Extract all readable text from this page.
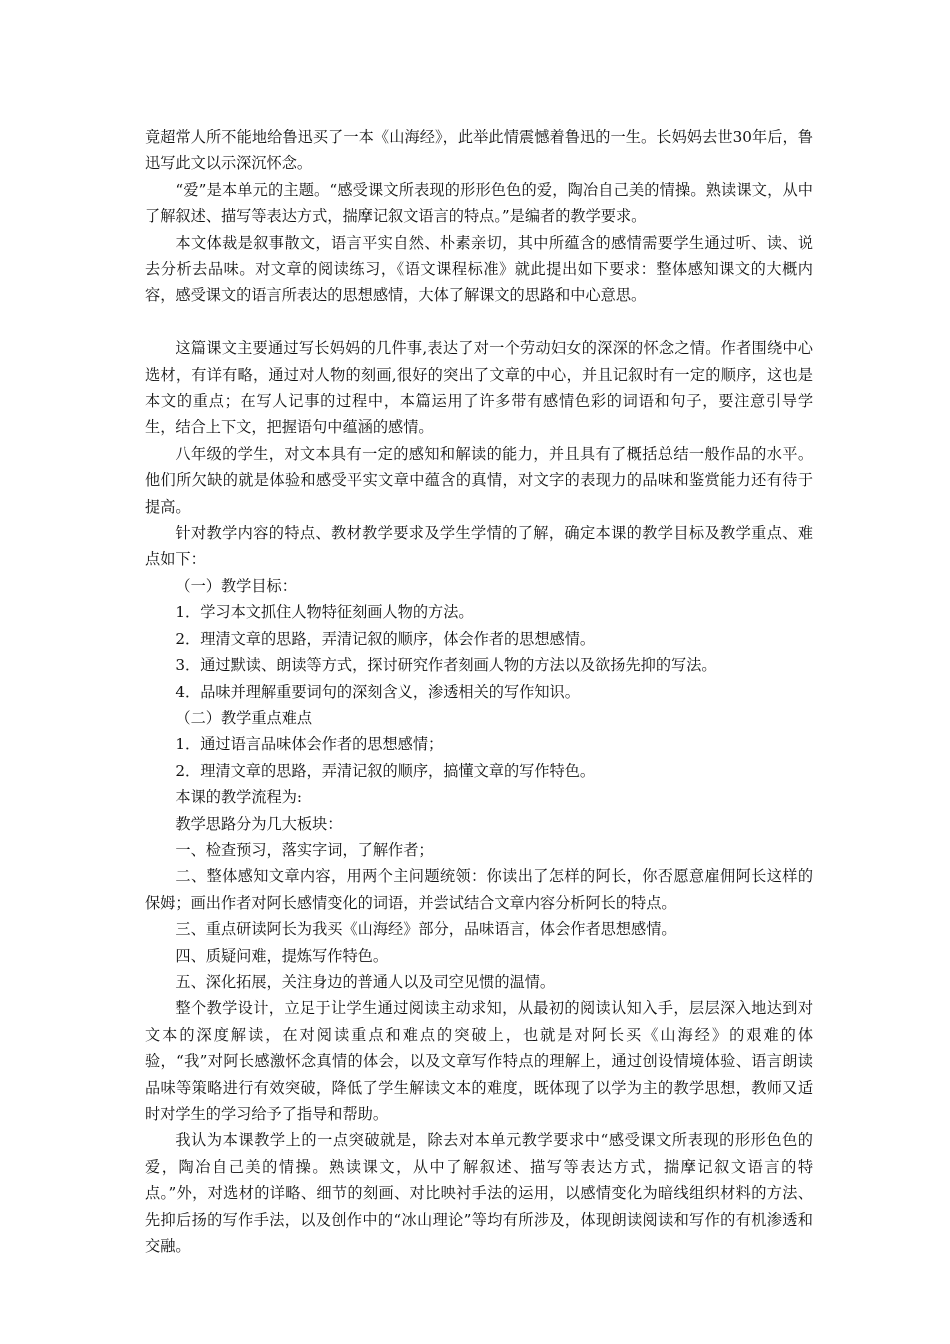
竟超常人所不能地给鲁迅买了一本《山海经》，此举此情震憾着鲁迅的一生。长妈妈去世30年后，鲁迅写此文以示深沉怀念。

“爱”是本单元的主题。“感受课文所表现的形形色色的爱，陶冶自己美的情操。熟读课文，从中了解叙述、描写等表达方式，揣摩记叙文语言的特点。”是编者的教学要求。

本文体裁是叙事散文，语言平实自然、朴素亲切，其中所蕴含的感情需要学生通过听、读、说去分析去品味。对文章的阅读练习，《语文课程标准》就此提出如下要求：整体感知课文的大概内容，感受课文的语言所表达的思想感情，大体了解课文的思路和中心意思。

这篇课文主要通过写长妈妈的几件事,表达了对一个劳动妇女的深深的怀念之情。作者围绕中心选材，有详有略，通过对人物的刻画,很好的突出了文章的中心，并且记叙时有一定的顺序，这也是本文的重点；在写人记事的过程中，本篇运用了许多带有感情色彩的词语和句子，要注意引导学生，结合上下文，把握语句中蕴涵的感情。

八年级的学生，对文本具有一定的感知和解读的能力，并且具有了概括总结一般作品的水平。他们所欠缺的就是体验和感受平实文章中蕴含的真情，对文字的表现力的品味和鉴赏能力还有待于提高。

针对教学内容的特点、教材教学要求及学生学情的了解，确定本课的教学目标及教学重点、难点如下：

（一）教学目标：

1．学习本文抓住人物特征刻画人物的方法。

2．理清文章的思路，弄清记叙的顺序，体会作者的思想感情。

3．通过默读、朗读等方式，探讨研究作者刻画人物的方法以及欲扬先抑的写法。

4．品味并理解重要词句的深刻含义，渗透相关的写作知识。

（二）教学重点难点

1．通过语言品味体会作者的思想感情；

2．理清文章的思路，弄清记叙的顺序，搞懂文章的写作特色。

本课的教学流程为:

教学思路分为几大板块：

一、检查预习，落实字词，了解作者；

二、整体感知文章内容，用两个主问题统领：你读出了怎样的阿长，你否愿意雇佣阿长这样的保姆；画出作者对阿长感情变化的词语，并尝试结合文章内容分析阿长的特点。

三、重点研读阿长为我买《山海经》部分，品味语言，体会作者思想感情。

四、质疑问难，提炼写作特色。

五、深化拓展，关注身边的普通人以及司空见惯的温情。

整个教学设计，立足于让学生通过阅读主动求知，从最初的阅读认知入手，层层深入地达到对文本的深度解读，在对阅读重点和难点的突破上，也就是对阿长买《山海经》的艰难的体验，“我”对阿长感激怀念真情的体会，以及文章写作特点的理解上，通过创设情境体验、语言朗读品味等策略进行有效突破，降低了学生解读文本的难度，既体现了以学为主的教学思想，教师又适时对学生的学习给予了指导和帮助。

我认为本课教学上的一点突破就是，除去对本单元教学要求中“感受课文所表现的形形色色的爱，陶冶自己美的情操。熟读课文，从中了解叙述、描写等表达方式，揣摩记叙文语言的特点。”外，对选材的详略、细节的刻画、对比映衬手法的运用，以感情变化为暗线组织材料的方法、先抑后扬的写作手法，以及创作中的“冰山理论”等均有所涉及，体现朗读阅读和写作的有机渗透和交融。
